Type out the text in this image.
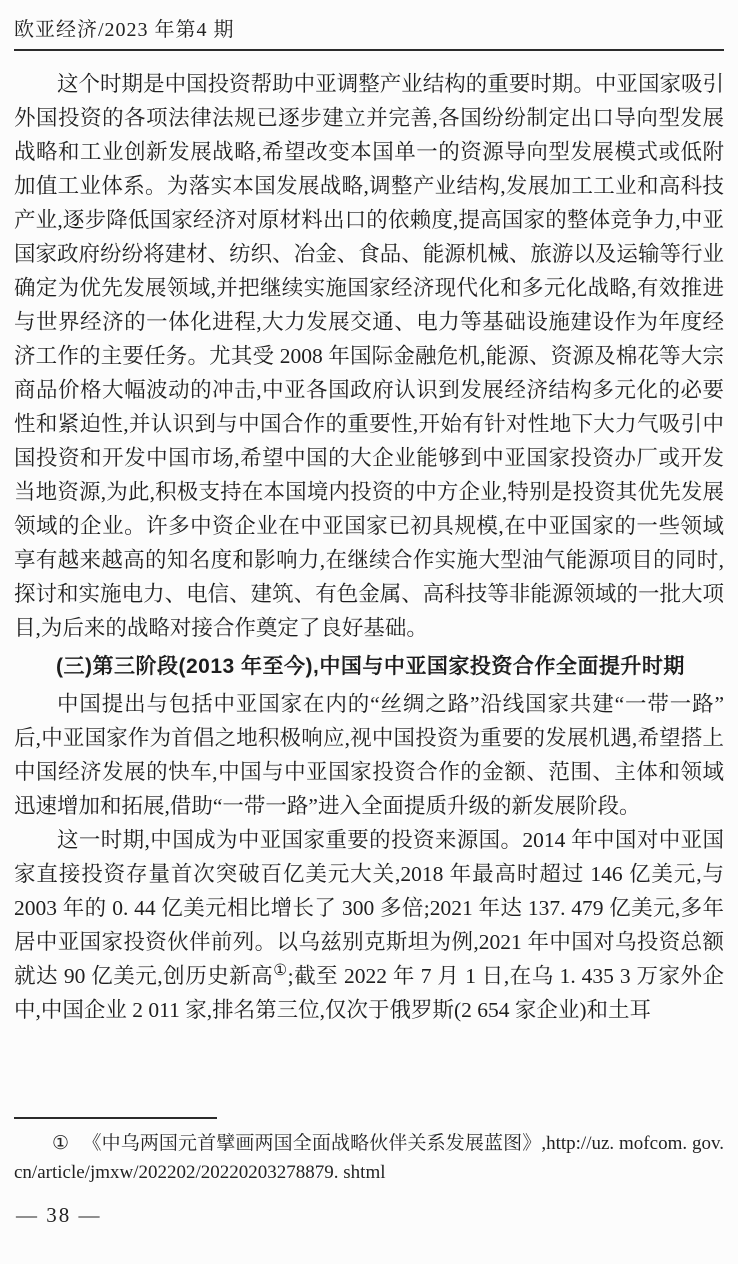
欧亚经济/2023 年第4 期

这个时期是中国投资帮助中亚调整产业结构的重要时期。中亚国家吸引外国投资的各项法律法规已逐步建立并完善,各国纷纷制定出口导向型发展战略和工业创新发展战略,希望改变本国单一的资源导向型发展模式或低附加值工业体系。为落实本国发展战略,调整产业结构,发展加工工业和高科技产业,逐步降低国家经济对原材料出口的依赖度,提高国家的整体竞争力,中亚国家政府纷纷将建材、纺织、冶金、食品、能源机械、旅游以及运输等行业确定为优先发展领域,并把继续实施国家经济现代化和多元化战略,有效推进与世界经济的一体化进程,大力发展交通、电力等基础设施建设作为年度经济工作的主要任务。尤其受 2008 年国际金融危机,能源、资源及棉花等大宗商品价格大幅波动的冲击,中亚各国政府认识到发展经济结构多元化的必要性和紧迫性,并认识到与中国合作的重要性,开始有针对性地下大力气吸引中国投资和开发中国市场,希望中国的大企业能够到中亚国家投资办厂或开发当地资源,为此,积极支持在本国境内投资的中方企业,特别是投资其优先发展领域的企业。许多中资企业在中亚国家已初具规模,在中亚国家的一些领域享有越来越高的知名度和影响力,在继续合作实施大型油气能源项目的同时,探讨和实施电力、电信、建筑、有色金属、高科技等非能源领域的一批大项目,为后来的战略对接合作奠定了良好基础。

(三)第三阶段(2013 年至今),中国与中亚国家投资合作全面提升时期

中国提出与包括中亚国家在内的“丝绸之路”沿线国家共建“一带一路”后,中亚国家作为首倡之地积极响应,视中国投资为重要的发展机遇,希望搭上中国经济发展的快车,中国与中亚国家投资合作的金额、范围、主体和领域迅速增加和拓展,借助“一带一路”进入全面提质升级的新发展阶段。

这一时期,中国成为中亚国家重要的投资来源国。2014 年中国对中亚国家直接投资存量首次突破百亿美元大关,2018 年最高时超过 146 亿美元,与 2003 年的 0. 44 亿美元相比增长了 300 多倍;2021 年达 137. 479 亿美元,多年居中亚国家投资伙伴前列。以乌兹别克斯坦为例,2021 年中国对乌投资总额就达 90 亿美元,创历史新高①;截至 2022 年 7 月 1 日,在乌 1. 435 3 万家外企中,中国企业 2 011 家,排名第三位,仅次于俄罗斯(2 654 家企业)和土耳

① 《中乌两国元首擘画两国全面战略伙伴关系发展蓝图》,http://uz. mofcom. gov. cn/article/jmxw/202202/20220203278879. shtml

— 38 —
